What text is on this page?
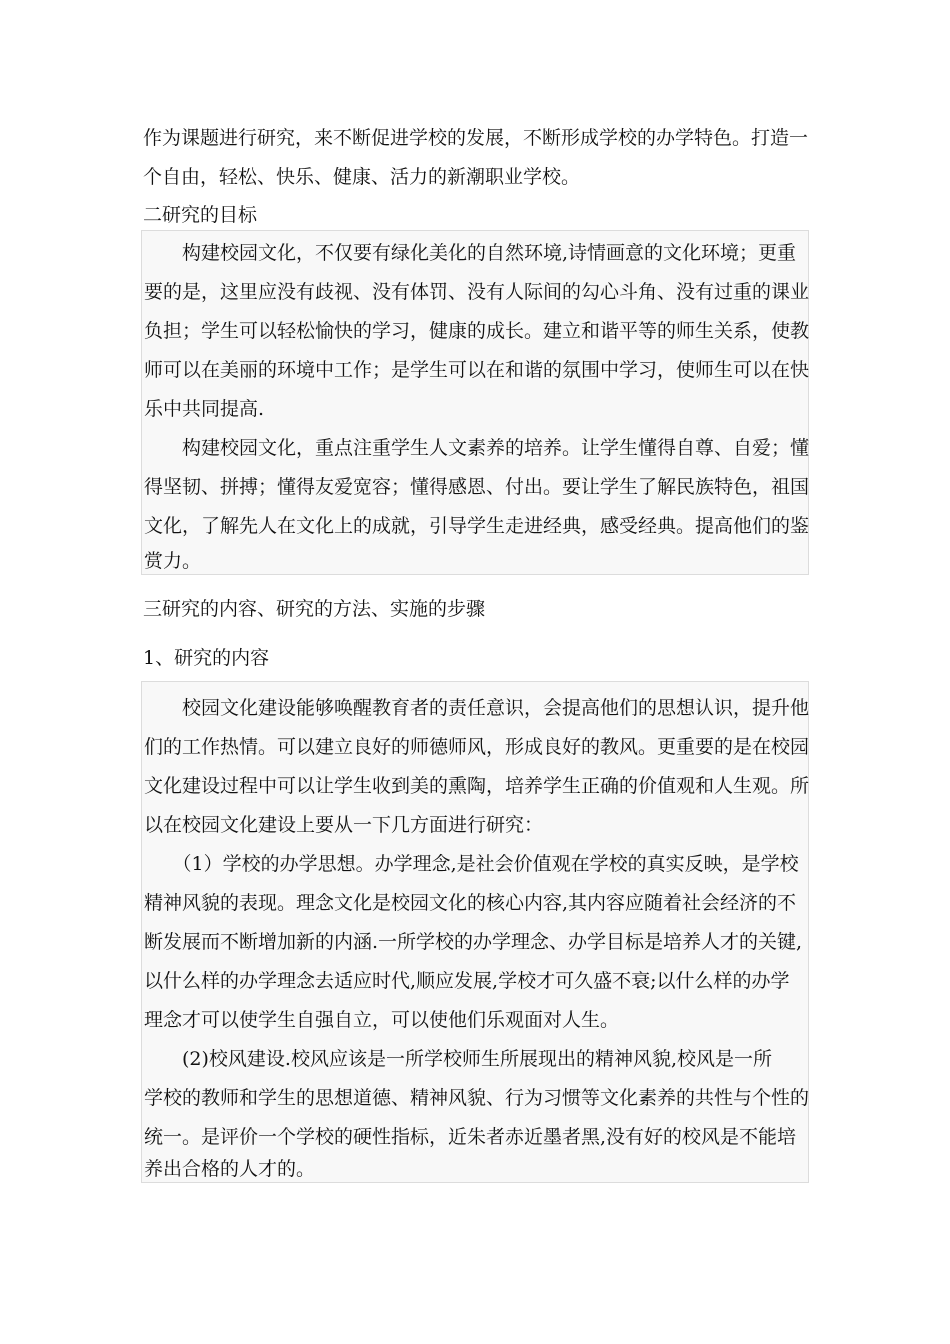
作为课题进行研究，来不断促进学校的发展，不断形成学校的办学特色。打造一
个自由，轻松、快乐、健康、活力的新潮职业学校。
二研究的目标
　　构建校园文化，不仅要有绿化美化的自然环境,诗情画意的文化环境；更重
要的是，这里应没有歧视、没有体罚、没有人际间的勾心斗角、没有过重的课业
负担；学生可以轻松愉快的学习，健康的成长。建立和谐平等的师生关系，使教
师可以在美丽的环境中工作；是学生可以在和谐的氛围中学习，使师生可以在快
乐中共同提高.
　　构建校园文化，重点注重学生人文素养的培养。让学生懂得自尊、自爱；懂
得坚韧、拼搏；懂得友爱宽容；懂得感恩、付出。要让学生了解民族特色，祖国
文化，了解先人在文化上的成就，引导学生走进经典，感受经典。提高他们的鉴
赏力。
三研究的内容、研究的方法、实施的步骤
1、研究的内容
　　校园文化建设能够唤醒教育者的责任意识，会提高他们的思想认识，提升他
们的工作热情。可以建立良好的师德师风，形成良好的教风。更重要的是在校园
文化建设过程中可以让学生收到美的熏陶，培养学生正确的价值观和人生观。所
以在校园文化建设上要从一下几方面进行研究：
　　（1）学校的办学思想。办学理念,是社会价值观在学校的真实反映，是学校
精神风貌的表现。理念文化是校园文化的核心内容,其内容应随着社会经济的不
断发展而不断增加新的内涵.一所学校的办学理念、办学目标是培养人才的关键,
以什么样的办学理念去适应时代,顺应发展,学校才可久盛不衰;以什么样的办学
理念才可以使学生自强自立，可以使他们乐观面对人生。
　　(2)校风建设.校风应该是一所学校师生所展现出的精神风貌,校风是一所
学校的教师和学生的思想道德、精神风貌、行为习惯等文化素养的共性与个性的
统一。是评价一个学校的硬性指标，近朱者赤近墨者黑,没有好的校风是不能培
养出合格的人才的。
